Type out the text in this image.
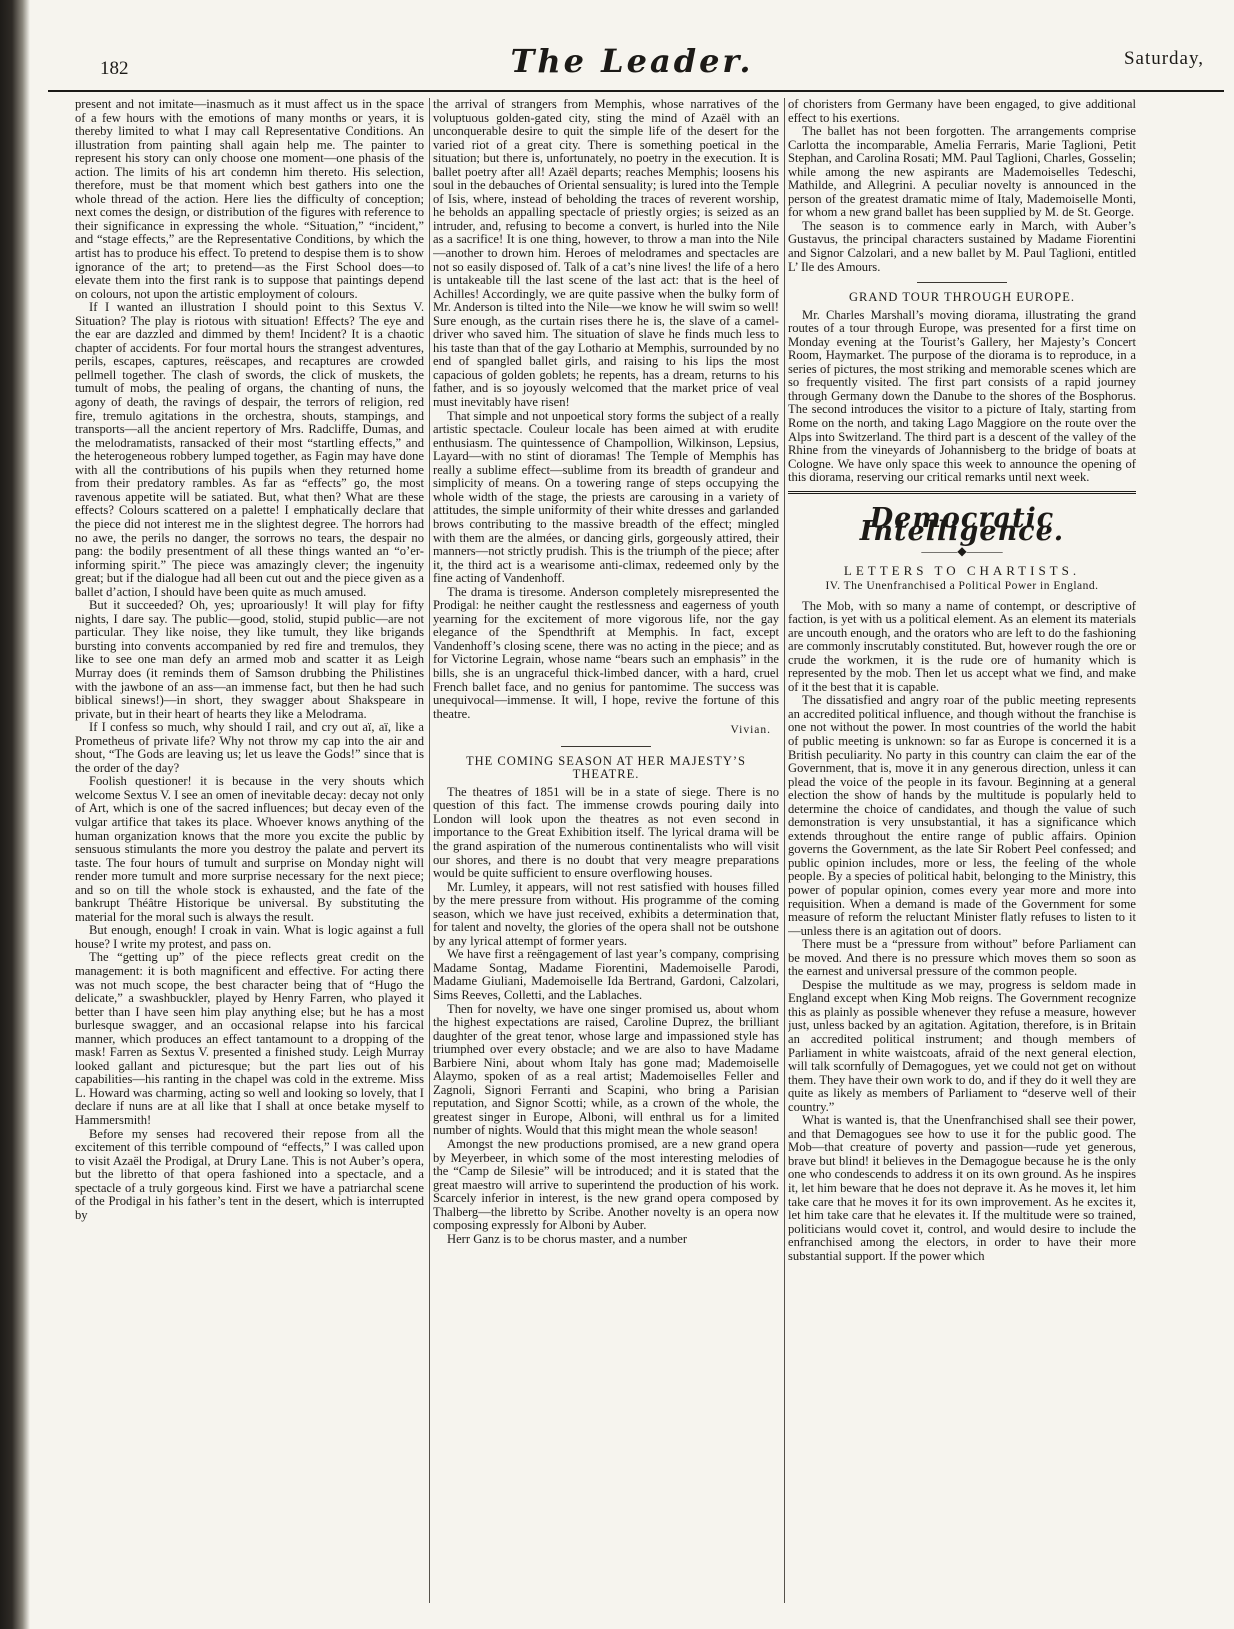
182	The Leader.	Saturday,

present and not imitate—inasmuch as it must affect us in the space of a few hours with the emotions of many months or years, it is thereby limited to what I may call Representative Conditions. An illustration from painting shall again help me. The painter to represent his story can only choose one moment—one phasis of the action. The limits of his art condemn him thereto. His selection, therefore, must be that moment which best gathers into one the whole thread of the action. Here lies the difficulty of conception; next comes the design, or distribution of the figures with reference to their significance in expressing the whole. “Situation,” “incident,” and “stage effects,” are the Representative Conditions, by which the artist has to produce his effect. To pretend to despise them is to show ignorance of the art; to pretend—as the First School does—to elevate them into the first rank is to suppose that paintings depend on colours, not upon the artistic employment of colours.

If I wanted an illustration I should point to this Sextus V. Situation? The play is riotous with situation! Effects? The eye and the ear are dazzled and dimmed by them! Incident? It is a chaotic chapter of accidents. For four mortal hours the strangest adventures, perils, escapes, captures, reëscapes, and recaptures are crowded pellmell together. The clash of swords, the click of muskets, the tumult of mobs, the pealing of organs, the chanting of nuns, the agony of death, the ravings of despair, the terrors of religion, red fire, tremulo agitations in the orchestra, shouts, stampings, and transports—all the ancient repertory of Mrs. Radcliffe, Dumas, and the melodramatists, ransacked of their most “startling effects,” and the heterogeneous robbery lumped together, as Fagin may have done with all the contributions of his pupils when they returned home from their predatory rambles. As far as “effects” go, the most ravenous appetite will be satiated. But, what then? What are these effects? Colours scattered on a palette! I emphatically declare that the piece did not interest me in the slightest degree. The horrors had no awe, the perils no danger, the sorrows no tears, the despair no pang: the bodily presentment of all these things wanted an “o’er-informing spirit.” The piece was amazingly clever; the ingenuity great; but if the dialogue had all been cut out and the piece given as a ballet d’action, I should have been quite as much amused.

But it succeeded? Oh, yes; uproariously! It will play for fifty nights, I dare say. The public—good, stolid, stupid public—are not particular. They like noise, they like tumult, they like brigands bursting into convents accompanied by red fire and tremulos, they like to see one man defy an armed mob and scatter it as Leigh Murray does (it reminds them of Samson drubbing the Philistines with the jawbone of an ass—an immense fact, but then he had such biblical sinews!)—in short, they swagger about Shakspeare in private, but in their heart of hearts they like a Melodrama.

If I confess so much, why should I rail, and cry out aï, aï, like a Prometheus of private life? Why not throw my cap into the air and shout, “The Gods are leaving us; let us leave the Gods!” since that is the order of the day?

Foolish questioner! it is because in the very shouts which welcome Sextus V. I see an omen of inevitable decay: decay not only of Art, which is one of the sacred influences; but decay even of the vulgar artifice that takes its place. Whoever knows anything of the human organization knows that the more you excite the public by sensuous stimulants the more you destroy the palate and pervert its taste. The four hours of tumult and surprise on Monday night will render more tumult and more surprise necessary for the next piece; and so on till the whole stock is exhausted, and the fate of the bankrupt Théâtre Historique be universal. By substituting the material for the moral such is always the result.

But enough, enough! I croak in vain. What is logic against a full house? I write my protest, and pass on.

The “getting up” of the piece reflects great credit on the management: it is both magnificent and effective. For acting there was not much scope, the best character being that of “Hugo the delicate,” a swashbuckler, played by Henry Farren, who played it better than I have seen him play anything else; but he has a most burlesque swagger, and an occasional relapse into his farcical manner, which produces an effect tantamount to a dropping of the mask! Farren as Sextus V. presented a finished study. Leigh Murray looked gallant and picturesque; but the part lies out of his capabilities—his ranting in the chapel was cold in the extreme. Miss L. Howard was charming, acting so well and looking so lovely, that I declare if nuns are at all like that I shall at once betake myself to Hammersmith!

Before my senses had recovered their repose from all the excitement of this terrible compound of “effects,” I was called upon to visit Azaël the Prodigal, at Drury Lane. This is not Auber’s opera, but the libretto of that opera fashioned into a spectacle, and a spectacle of a truly gorgeous kind. First we have a patriarchal scene of the Prodigal in his father’s tent in the desert, which is interrupted by

the arrival of strangers from Memphis, whose narratives of the voluptuous golden-gated city, sting the mind of Azaël with an unconquerable desire to quit the simple life of the desert for the varied riot of a great city. There is something poetical in the situation; but there is, unfortunately, no poetry in the execution. It is ballet poetry after all! Azaël departs; reaches Memphis; loosens his soul in the debauches of Oriental sensuality; is lured into the Temple of Isis, where, instead of beholding the traces of reverent worship, he beholds an appalling spectacle of priestly orgies; is seized as an intruder, and, refusing to become a convert, is hurled into the Nile as a sacrifice! It is one thing, however, to throw a man into the Nile—another to drown him. Heroes of melodrames and spectacles are not so easily disposed of. Talk of a cat’s nine lives! the life of a hero is untakeable till the last scene of the last act: that is the heel of Achilles! Accordingly, we are quite passive when the bulky form of Mr. Anderson is tilted into the Nile—we know he will swim so well! Sure enough, as the curtain rises there he is, the slave of a camel-driver who saved him. The situation of slave he finds much less to his taste than that of the gay Lothario at Memphis, surrounded by no end of spangled ballet girls, and raising to his lips the most capacious of golden goblets; he repents, has a dream, returns to his father, and is so joyously welcomed that the market price of veal must inevitably have risen!

That simple and not unpoetical story forms the subject of a really artistic spectacle. Couleur locale has been aimed at with erudite enthusiasm. The quintessence of Champollion, Wilkinson, Lepsius, Layard—with no stint of dioramas! The Temple of Memphis has really a sublime effect—sublime from its breadth of grandeur and simplicity of means. On a towering range of steps occupying the whole width of the stage, the priests are carousing in a variety of attitudes, the simple uniformity of their white dresses and garlanded brows contributing to the massive breadth of the effect; mingled with them are the almées, or dancing girls, gorgeously attired, their manners—not strictly prudish. This is the triumph of the piece; after it, the third act is a wearisome anti-climax, redeemed only by the fine acting of Vandenhoff.

The drama is tiresome. Anderson completely misrepresented the Prodigal: he neither caught the restlessness and eagerness of youth yearning for the excitement of more vigorous life, nor the gay elegance of the Spendthrift at Memphis. In fact, except Vandenhoff’s closing scene, there was no acting in the piece; and as for Victorine Legrain, whose name “bears such an emphasis” in the bills, she is an ungraceful thick-limbed dancer, with a hard, cruel French ballet face, and no genius for pantomime. The success was unequivocal—immense. It will, I hope, revive the fortune of this theatre.

Vivian.
THE COMING SEASON AT HER MAJESTY’S THEATRE.

The theatres of 1851 will be in a state of siege. There is no question of this fact. The immense crowds pouring daily into London will look upon the theatres as not even second in importance to the Great Exhibition itself. The lyrical drama will be the grand aspiration of the numerous continentalists who will visit our shores, and there is no doubt that very meagre preparations would be quite sufficient to ensure overflowing houses.

Mr. Lumley, it appears, will not rest satisfied with houses filled by the mere pressure from without. His programme of the coming season, which we have just received, exhibits a determination that, for talent and novelty, the glories of the opera shall not be outshone by any lyrical attempt of former years.

We have first a reëngagement of last year’s company, comprising Madame Sontag, Madame Fiorentini, Mademoiselle Parodi, Madame Giuliani, Mademoiselle Ida Bertrand, Gardoni, Calzolari, Sims Reeves, Colletti, and the Lablaches.

Then for novelty, we have one singer promised us, about whom the highest expectations are raised, Caroline Duprez, the brilliant daughter of the great tenor, whose large and impassioned style has triumphed over every obstacle; and we are also to have Madame Barbiere Nini, about whom Italy has gone mad; Mademoiselle Alaymo, spoken of as a real artist; Mademoiselles Feller and Zagnoli, Signori Ferranti and Scapini, who bring a Parisian reputation, and Signor Scotti; while, as a crown of the whole, the greatest singer in Europe, Alboni, will enthral us for a limited number of nights. Would that this might mean the whole season!

Amongst the new productions promised, are a new grand opera by Meyerbeer, in which some of the most interesting melodies of the “Camp de Silesie” will be introduced; and it is stated that the great maestro will arrive to superintend the production of his work. Scarcely inferior in interest, is the new grand opera composed by Thalberg—the libretto by Scribe. Another novelty is an opera now composing expressly for Alboni by Auber.

Herr Ganz is to be chorus master, and a number

of choristers from Germany have been engaged, to give additional effect to his exertions.

The ballet has not been forgotten. The arrangements comprise Carlotta the incomparable, Amelia Ferraris, Marie Taglioni, Petit Stephan, and Carolina Rosati; MM. Paul Taglioni, Charles, Gosselin; while among the new aspirants are Mademoiselles Tedeschi, Mathilde, and Allegrini. A peculiar novelty is announced in the person of the greatest dramatic mime of Italy, Mademoiselle Monti, for whom a new grand ballet has been supplied by M. de St. George.

The season is to commence early in March, with Auber’s Gustavus, the principal characters sustained by Madame Fiorentini and Signor Calzolari, and a new ballet by M. Paul Taglioni, entitled L’ Ile des Amours.

GRAND TOUR THROUGH EUROPE.

Mr. Charles Marshall’s moving diorama, illustrating the grand routes of a tour through Europe, was presented for a first time on Monday evening at the Tourist’s Gallery, her Majesty’s Concert Room, Haymarket. The purpose of the diorama is to reproduce, in a series of pictures, the most striking and memorable scenes which are so frequently visited. The first part consists of a rapid journey through Germany down the Danube to the shores of the Bosphorus. The second introduces the visitor to a picture of Italy, starting from Rome on the north, and taking Lago Maggiore on the route over the Alps into Switzerland. The third part is a descent of the valley of the Rhine from the vineyards of Johannisberg to the bridge of boats at Cologne. We have only space this week to announce the opening of this diorama, reserving our critical remarks until next week.

Democratic Intelligence.
———◆———
LETTERS TO CHARTISTS.
IV. The Unenfranchised a Political Power in England.

The Mob, with so many a name of contempt, or descriptive of faction, is yet with us a political element. As an element its materials are uncouth enough, and the orators who are left to do the fashioning are commonly inscrutably constituted. But, however rough the ore or crude the workmen, it is the rude ore of humanity which is represented by the mob. Then let us accept what we find, and make of it the best that it is capable.

The dissatisfied and angry roar of the public meeting represents an accredited political influence, and though without the franchise is one not without the power. In most countries of the world the habit of public meeting is unknown: so far as Europe is concerned it is a British peculiarity. No party in this country can claim the ear of the Government, that is, move it in any generous direction, unless it can plead the voice of the people in its favour. Beginning at a general election the show of hands by the multitude is popularly held to determine the choice of candidates, and though the value of such demonstration is very unsubstantial, it has a significance which extends throughout the entire range of public affairs. Opinion governs the Government, as the late Sir Robert Peel confessed; and public opinion includes, more or less, the feeling of the whole people. By a species of political habit, belonging to the Ministry, this power of popular opinion, comes every year more and more into requisition. When a demand is made of the Government for some measure of reform the reluctant Minister flatly refuses to listen to it—unless there is an agitation out of doors.

There must be a “pressure from without” before Parliament can be moved. And there is no pressure which moves them so soon as the earnest and universal pressure of the common people.

Despise the multitude as we may, progress is seldom made in England except when King Mob reigns. The Government recognize this as plainly as possible whenever they refuse a measure, however just, unless backed by an agitation. Agitation, therefore, is in Britain an accredited political instrument; and though members of Parliament in white waistcoats, afraid of the next general election, will talk scornfully of Demagogues, yet we could not get on without them. They have their own work to do, and if they do it well they are quite as likely as members of Parliament to “deserve well of their country.”

What is wanted is, that the Unenfranchised shall see their power, and that Demagogues see how to use it for the public good. The Mob—that creature of poverty and passion—rude yet generous, brave but blind! it believes in the Demagogue because he is the only one who condescends to address it on its own ground. As he inspires it, let him beware that he does not deprave it. As he moves it, let him take care that he moves it for its own improvement. As he excites it, let him take care that he elevates it. If the multitude were so trained, politicians would covet it, control, and would desire to include the enfranchised among the electors, in order to have their more substantial support. If the power which
